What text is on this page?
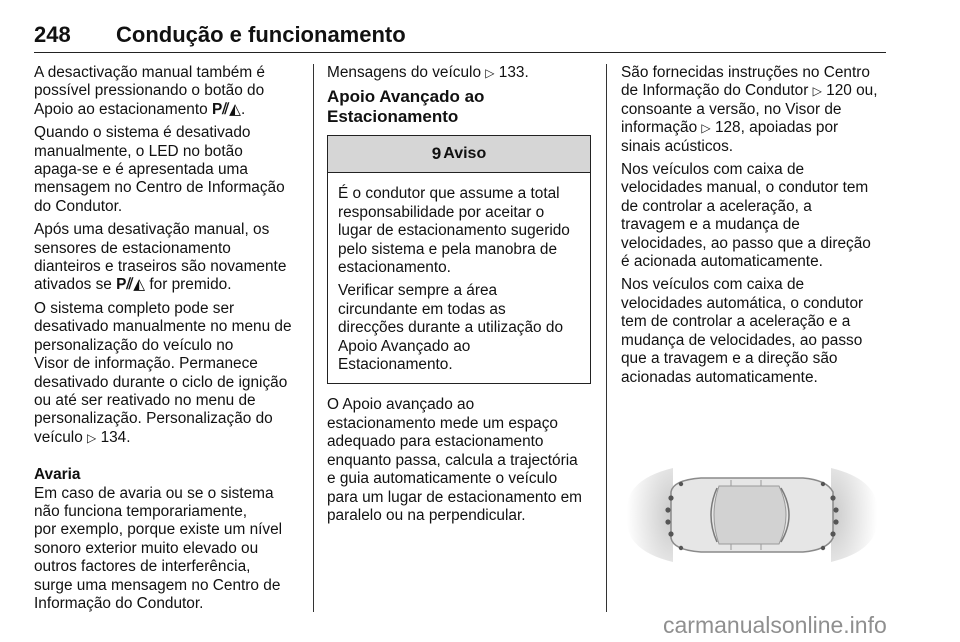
248 Condução e funcionamento

A desactivação manual também é
possível pressionando o botão do
Apoio ao estacionamento P⫽◭.

Quando o sistema é desativado
manualmente, o LED no botão
apaga-se e é apresentada uma
mensagem no Centro de Informação
do Condutor.

Após uma desativação manual, os
sensores de estacionamento
dianteiros e traseiros são novamente
ativados se P⫽◭ for premido.

O sistema completo pode ser
desativado manualmente no menu de
personalização do veículo no
Visor de informação. Permanece
desativado durante o ciclo de ignição
ou até ser reativado no menu de
personalização. Personalização do
veículo ▷ 134.

Avaria

Em caso de avaria ou se o sistema
não funciona temporariamente,
por exemplo, porque existe um nível
sonoro exterior muito elevado ou
outros factores de interferência,
surge uma mensagem no Centro de
Informação do Condutor.

Mensagens do veículo ▷ 133.

Apoio Avançado ao
Estacionamento
9 Aviso

É o condutor que assume a total
responsabilidade por aceitar o
lugar de estacionamento sugerido
pelo sistema e pela manobra de
estacionamento.

Verificar sempre a área
circundante em todas as
direcções durante a utilização do
Apoio Avançado ao
Estacionamento.

O Apoio avançado ao
estacionamento mede um espaço
adequado para estacionamento
enquanto passa, calcula a trajectória
e guia automaticamente o veículo
para um lugar de estacionamento em
paralelo ou na perpendicular.

São fornecidas instruções no Centro
de Informação do Condutor ▷ 120 ou,
consoante a versão, no Visor de
informação ▷ 128, apoiadas por
sinais acústicos.

Nos veículos com caixa de
velocidades manual, o condutor tem
de controlar a aceleração, a
travagem e a mudança de
velocidades, ao passo que a direção
é acionada automaticamente.

Nos veículos com caixa de
velocidades automática, o condutor
tem de controlar a aceleração e a
mudança de velocidades, ao passo
que a travagem e a direção são
acionadas automaticamente.

carmanualsonline.info
